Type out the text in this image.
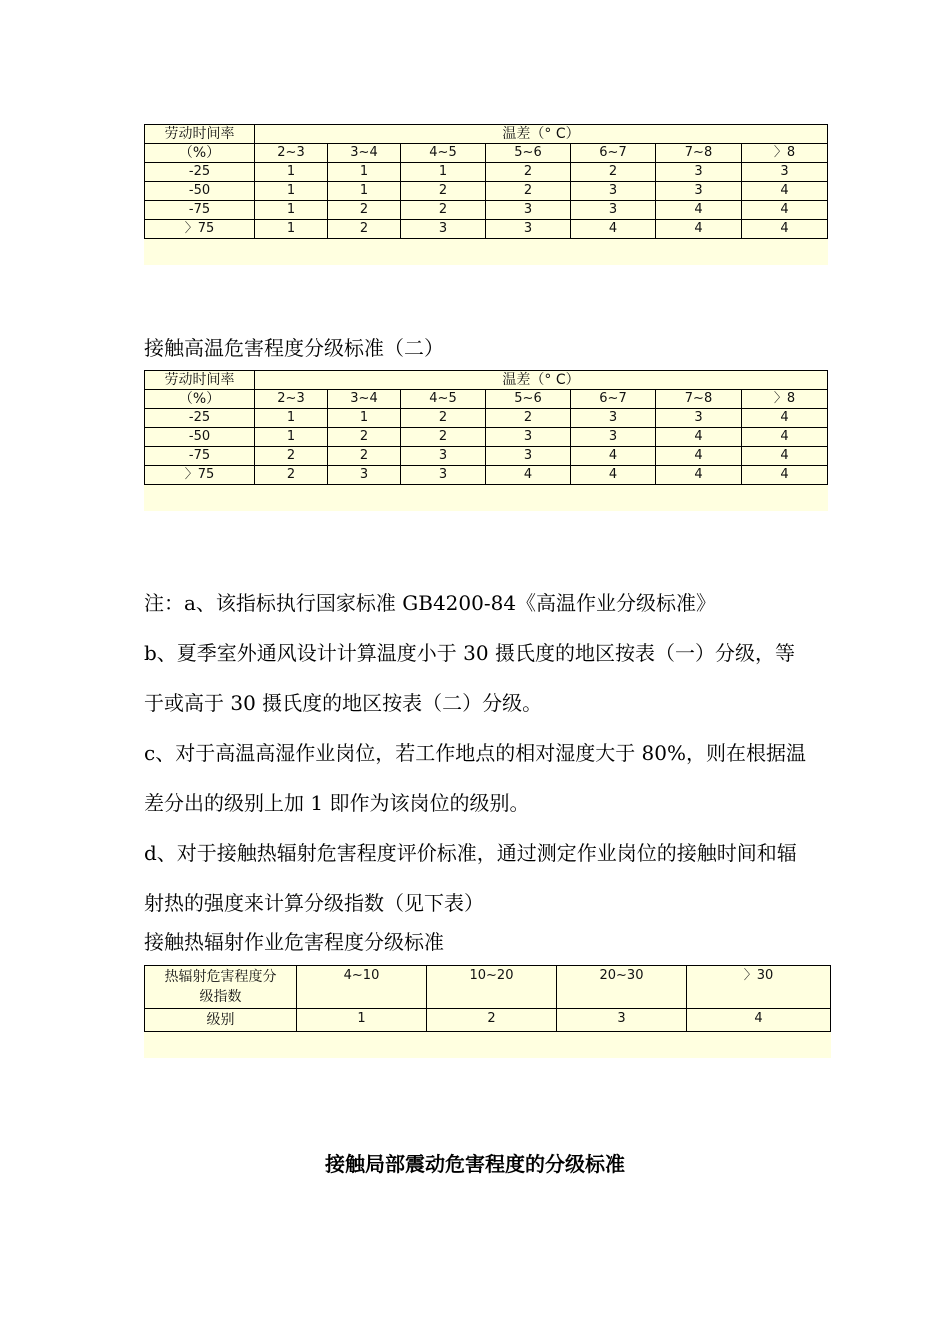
劳动时间率	温差（° C）						
（%）	2~3	3~4	4~5	5~6	6~7	7~8	〉8
-25	1	1	1	2	2	3	3
-50	1	1	2	2	3	3	4
-75	1	2	2	3	3	4	4
〉75	1	2	3	3	4	4	4
接触高温危害程度分级标准（二）
劳动时间率	温差（° C）						
（%）	2~3	3~4	4~5	5~6	6~7	7~8	〉8
-25	1	1	2	2	3	3	4
-50	1	2	2	3	3	4	4
-75	2	2	3	3	4	4	4
〉75	2	3	3	4	4	4	4

注：a、该指标执行国家标准 GB4200-84《高温作业分级标准》

b、夏季室外通风设计计算温度小于 30 摄氏度的地区按表（一）分级，等于或高于 30 摄氏度的地区按表（二）分级。

c、对于高温高湿作业岗位，若工作地点的相对湿度大于 80%，则在根据温差分出的级别上加 1 即作为该岗位的级别。

d、对于接触热辐射危害程度评价标准，通过测定作业岗位的接触时间和辐射热的强度来计算分级指数（见下表）

接触热辐射作业危害程度分级标准
热辐射危害程度分
级指数	4~10	10~20	20~30	〉30
级别	1	2	3	4
接触局部震动危害程度的分级标准
